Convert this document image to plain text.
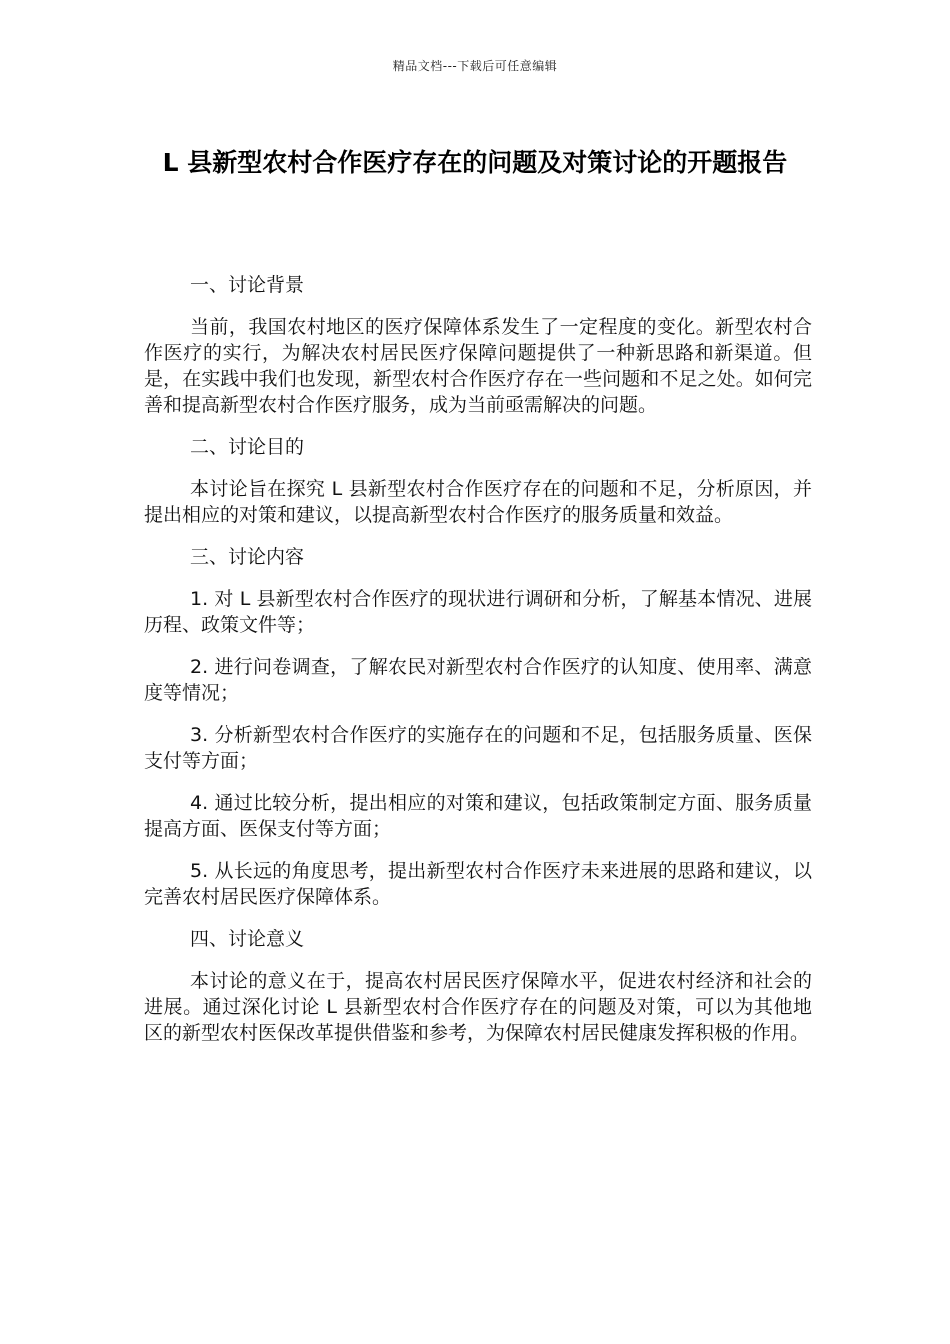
精品文档---下载后可任意编辑
L 县新型农村合作医疗存在的问题及对策讨论的开题报告
一、讨论背景
当前，我国农村地区的医疗保障体系发生了一定程度的变化。新型农村合作医疗的实行，为解决农村居民医疗保障问题提供了一种新思路和新渠道。但是，在实践中我们也发现，新型农村合作医疗存在一些问题和不足之处。如何完善和提高新型农村合作医疗服务，成为当前亟需解决的问题。
二、讨论目的
本讨论旨在探究 L 县新型农村合作医疗存在的问题和不足，分析原因，并提出相应的对策和建议，以提高新型农村合作医疗的服务质量和效益。
三、讨论内容
1. 对 L 县新型农村合作医疗的现状进行调研和分析，了解基本情况、进展历程、政策文件等；
2. 进行问卷调查，了解农民对新型农村合作医疗的认知度、使用率、满意度等情况；
3. 分析新型农村合作医疗的实施存在的问题和不足，包括服务质量、医保支付等方面；
4. 通过比较分析，提出相应的对策和建议，包括政策制定方面、服务质量提高方面、医保支付等方面；
5. 从长远的角度思考，提出新型农村合作医疗未来进展的思路和建议，以完善农村居民医疗保障体系。
四、讨论意义
本讨论的意义在于，提高农村居民医疗保障水平，促进农村经济和社会的进展。通过深化讨论 L 县新型农村合作医疗存在的问题及对策，可以为其他地区的新型农村医保改革提供借鉴和参考，为保障农村居民健康发挥积极的作用。
